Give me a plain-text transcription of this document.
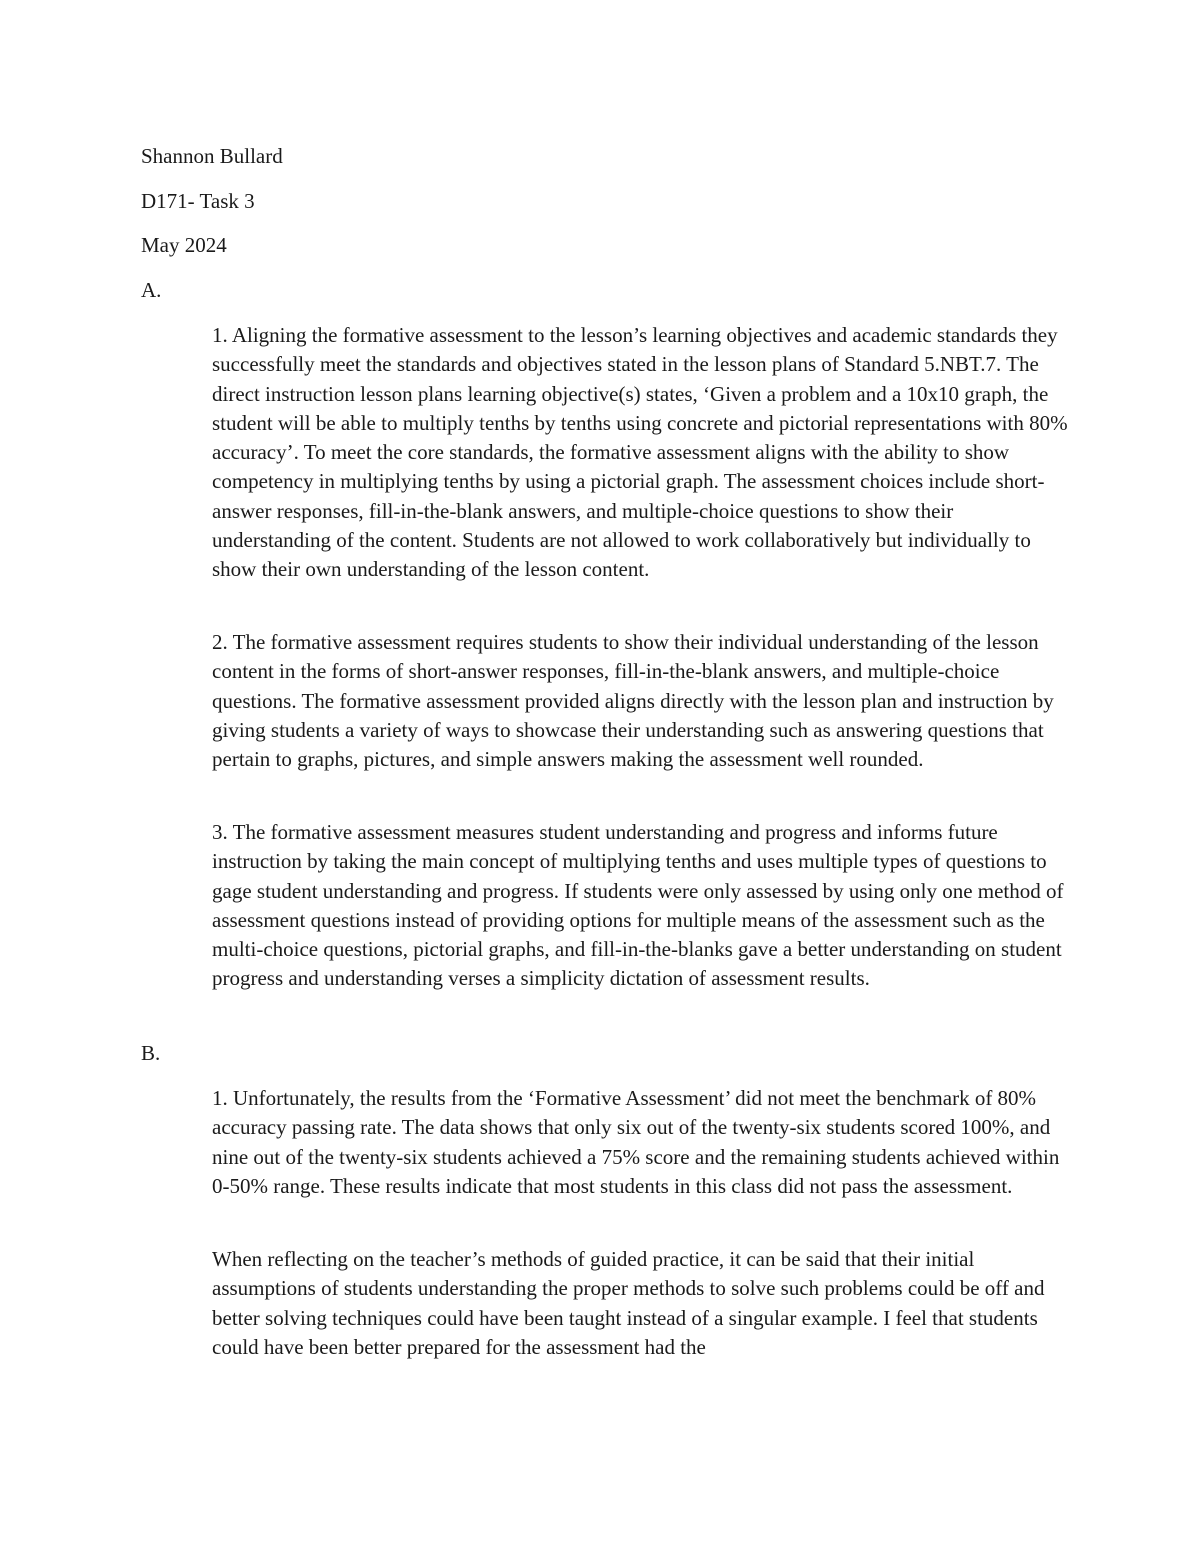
Shannon Bullard

D171- Task 3

May 2024

A.

1. Aligning the formative assessment to the lesson’s learning objectives and academic standards they successfully meet the standards and objectives stated in the lesson plans of Standard 5.NBT.7. The direct instruction lesson plans learning objective(s) states, ‘Given a problem and a 10x10 graph, the student will be able to multiply tenths by tenths using concrete and pictorial representations with 80% accuracy’. To meet the core standards, the formative assessment aligns with the ability to show competency in multiplying tenths by using a pictorial graph. The assessment choices include short-answer responses, fill-in-the-blank answers, and multiple-choice questions to show their understanding of the content. Students are not allowed to work collaboratively but individually to show their own understanding of the lesson content.

2. The formative assessment requires students to show their individual understanding of the lesson content in the forms of short-answer responses, fill-in-the-blank answers, and multiple-choice questions. The formative assessment provided aligns directly with the lesson plan and instruction by giving students a variety of ways to showcase their understanding such as answering questions that pertain to graphs, pictures, and simple answers making the assessment well rounded.

3. The formative assessment measures student understanding and progress and informs future instruction by taking the main concept of multiplying tenths and uses multiple types of questions to gage student understanding and progress. If students were only assessed by using only one method of assessment questions instead of providing options for multiple means of the assessment such as the multi-choice questions, pictorial graphs, and fill-in-the-blanks gave a better understanding on student progress and understanding verses a simplicity dictation of assessment results.

B.

1. Unfortunately, the results from the ‘Formative Assessment’ did not meet the benchmark of 80% accuracy passing rate. The data shows that only six out of the twenty-six students scored 100%, and nine out of the twenty-six students achieved a 75% score and the remaining students achieved within 0-50% range. These results indicate that most students in this class did not pass the assessment.

When reflecting on the teacher’s methods of guided practice, it can be said that their initial assumptions of students understanding the proper methods to solve such problems could be off and better solving techniques could have been taught instead of a singular example. I feel that students could have been better prepared for the assessment had the
